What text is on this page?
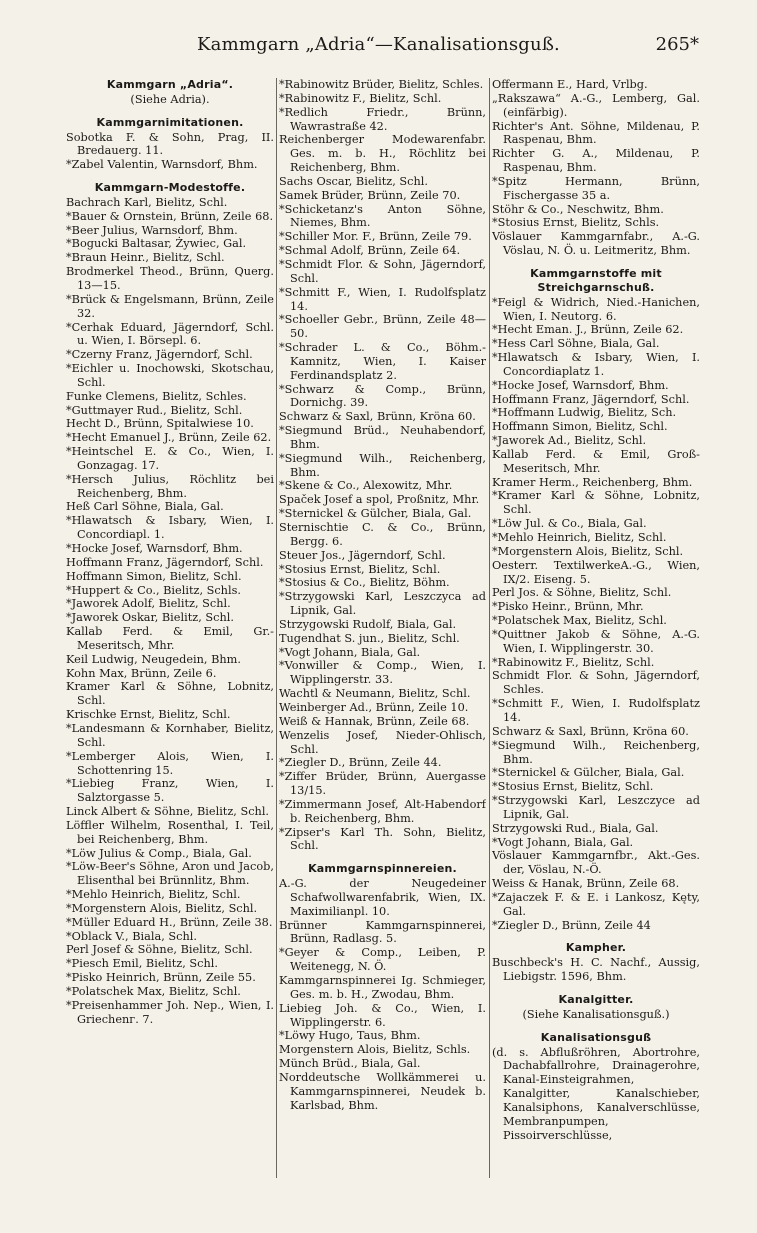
Kammgarn „Adria“—Kanalisationsguß.	265*
Kammgarn „Adria“.
(Siehe Adria).
Kammgarnimitationen.
Sobotka F. & Sohn, Prag, II. Bredauerg. 11.
*Zabel Valentin, Warnsdorf, Bhm.
Kammgarn-Modestoffe.
Bachrach Karl, Bielitz, Schl.
*Bauer & Ornstein, Brünn, Zeile 68.
*Beer Julius, Warnsdorf, Bhm.
*Bogucki Baltasar, Żywiec, Gal.
*Braun Heinr., Bielitz, Schl.
Brodmerkel Theod., Brünn, Querg. 13—15.
*Brück & Engelsmann, Brünn, Zeile 32.
*Cerhak Eduard, Jägerndorf, Schl. u. Wien, I. Börsepl. 6.
*Czerny Franz, Jägerndorf, Schl.
*Eichler u. Inochowski, Skotschau, Schl.
Funke Clemens, Bielitz, Schles.
*Guttmayer Rud., Bielitz, Schl.
Hecht D., Brünn, Spitalwiese 10.
*Hecht Emanuel J., Brünn, Zeile 62.
*Heintschel E. & Co., Wien, I. Gonzagag. 17.
*Hersch Julius, Röchlitz bei Reichenberg, Bhm.
Heß Carl Söhne, Biala, Gal.
*Hlawatsch & Isbary, Wien, I. Concordiapl. 1.
*Hocke Josef, Warnsdorf, Bhm.
Hoffmann Franz, Jägerndorf, Schl.
Hoffmann Simon, Bielitz, Schl.
*Huppert & Co., Bielitz, Schls.
*Jaworek Adolf, Bielitz, Schl.
*Jaworek Oskar, Bielitz, Schl.
Kallab Ferd. & Emil, Gr.-Meseritsch, Mhr.
Keil Ludwig, Neugedein, Bhm.
Kohn Max, Brünn, Zeile 6.
Kramer Karl & Söhne, Lobnitz, Schl.
Krischke Ernst, Bielitz, Schl.
*Landesmann & Kornhaber, Bielitz, Schl.
*Lemberger Alois, Wien, I. Schottenring 15.
*Liebieg Franz, Wien, I. Salztorgasse 5.
Linck Albert & Söhne, Bielitz, Schl.
Löffler Wilhelm, Rosenthal, I. Teil, bei Reichenberg, Bhm.
*Löw Julius & Comp., Biala, Gal.
*Löw-Beer's Söhne, Aron und Jacob, Elisenthal bei Brünnlitz, Bhm.
*Mehlo Heinrich, Bielitz, Schl.
*Morgenstern Alois, Bielitz, Schl.
*Müller Eduard H., Brünn, Zeile 38.
*Oblack V., Biala, Schl.
Perl Josef & Söhne, Bielitz, Schl.
*Piesch Emil, Bielitz, Schl.
*Pisko Heinrich, Brünn, Zeile 55.
*Polatschek Max, Bielitz, Schl.
*Preisenhammer Joh. Nep., Wien, I. Griechenг. 7.
*Rabinowitz Brüder, Bielitz, Schles.
*Rabinowitz F., Bielitz, Schl.
*Redlich Friedr., Brünn, Wawrastraße 42.
Reichenberger Modewarenfabr. Ges. m. b. H., Röchlitz bei Reichenberg, Bhm.
Sachs Oscar, Bielitz, Schl.
Samek Brüder, Brünn, Zeile 70.
*Schicketanz's Anton Söhne, Niemes, Bhm.
*Schiller Mor. F., Brünn, Zeile 79.
*Schmal Adolf, Brünn, Zeile 64.
*Schmidt Flor. & Sohn, Jägerndorf, Schl.
*Schmitt F., Wien, I. Rudolfsplatz 14.
*Schoeller Gebr., Brünn, Zeile 48—50.
*Schrader L. & Co., Böhm.-Kamnitz, Wien, I. Kaiser Ferdinandsplatz 2.
*Schwarz & Comp., Brünn, Dornichg. 39.
Schwarz & Saxl, Brünn, Kröna 60.
*Siegmund Brüd., Neuhabendorf, Bhm.
*Siegmund Wilh., Reichenberg, Bhm.
*Skene & Co., Alexowitz, Mhr.
Spaček Josef a spol, Proßnitz, Mhr.
*Sternickel & Gülcher, Biala, Gal.
Sternischtie C. & Co., Brünn, Bergg. 6.
Steuer Jos., Jägerndorf, Schl.
*Stosius Ernst, Bielitz, Schl.
*Stosius & Co., Bielitz, Böhm.
*Strzygowski Karl, Leszczyca ad Lipnik, Gal.
Strzygowski Rudolf, Biala, Gal.
Tugendhat S. jun., Bielitz, Schl.
*Vogt Johann, Biala, Gal.
*Vonwiller & Comp., Wien, I. Wipplingerstr. 33.
Wachtl & Neumann, Bielitz, Schl.
Weinberger Ad., Brünn, Zeile 10.
Weiß & Hannak, Brünn, Zeile 68.
Wenzelis Josef, Nieder-Ohlisch, Schl.
*Ziegler D., Brünn, Zeile 44.
*Ziffer Brüder, Brünn, Auergasse 13/15.
*Zimmermann Josef, Alt-Habendorf b. Reichenberg, Bhm.
*Zipser's Karl Th. Sohn, Bielitz, Schl.
Kammgarnspinnereien.
A.-G. der Neugedeiner Schafwollwarenfabrik, Wien, IX. Maximilianpl. 10.
Brünner Kammgarnspinnerei, Brünn, Radlasg. 5.
*Geyer & Comp., Leiben, P. Weitenegg, N. Ö.
Kammgarnspinnerei Ig. Schmieger, Ges. m. b. H., Zwodau, Bhm.
Liebieg Joh. & Co., Wien, I. Wipplingerstr. 6.
*Löwy Hugo, Taus, Bhm.
Morgenstern Alois, Bielitz, Schls.
Münch Brüd., Biala, Gal.
Norddeutsche Wollkämmerei u. Kammgarnspinnerei, Neudek b. Karlsbad, Bhm.
Offermann E., Hard, Vrlbg.
„Rakszawa“ A.-G., Lemberg, Gal. (einfärbig).
Richter's Ant. Söhne, Mildenau, P. Raspenau, Bhm.
Richter G. A., Mildenau, P. Raspenau, Bhm.
*Spitz Hermann, Brünn, Fischergasse 35 a.
Stöhr & Co., Neschwitz, Bhm.
*Stosius Ernst, Bielitz, Schls.
Vöslauer Kammgarnfabr., A.-G. Vöslau, N. Ö. u. Leitmeritz, Bhm.
Kammgarnstoffe mit Streichgarnschuß.
*Feigl & Widrich, Nied.-Hanichen, Wien, I. Neutorg. 6.
*Hecht Eman. J., Brünn, Zeile 62.
*Hess Carl Söhne, Biala, Gal.
*Hlawatsch & Isbary, Wien, I. Concordiaplatz 1.
*Hocke Josef, Warnsdorf, Bhm.
Hoffmann Franz, Jägerndorf, Schl.
*Hoffmann Ludwig, Bielitz, Sch.
Hoffmann Simon, Bielitz, Schl.
*Jaworek Ad., Bielitz, Schl.
Kallab Ferd. & Emil, Groß-Meseritsch, Mhr.
Kramer Herm., Reichenberg, Bhm.
*Kramer Karl & Söhne, Lobnitz, Schl.
*Löw Jul. & Co., Biala, Gal.
*Mehlo Heinrich, Bielitz, Schl.
*Morgenstern Alois, Bielitz, Schl.
Oesterr. TextilwerkeA.-G., Wien, IX/2. Eiseng. 5.
Perl Jos. & Söhne, Bielitz, Schl.
*Pisko Heinr., Brünn, Mhr.
*Polatschek Max, Bielitz, Schl.
*Quittner Jakob & Söhne, A.-G. Wien, I. Wipplingerstr. 30.
*Rabinowitz F., Bielitz, Schl.
Schmidt Flor. & Sohn, Jägerndorf, Schles.
*Schmitt F., Wien, I. Rudolfsplatz 14.
Schwarz & Saxl, Brünn, Kröna 60.
*Siegmund Wilh., Reichenberg, Bhm.
*Sternickel & Gülcher, Biala, Gal.
*Stosius Ernst, Bielitz, Schl.
*Strzygowski Karl, Leszczyce ad Lipnik, Gal.
Strzygowski Rud., Biala, Gal.
*Vogt Johann, Biala, Gal.
Vöslauer Kammgarnfbr., Akt.-Ges. der, Vöslau, N.-Ö.
Weiss & Hanak, Brünn, Zeile 68.
*Zajaczek F. & E. i Lankosz, Kęty, Gal.
*Ziegler D., Brünn, Zeile 44
Kampher.
Buschbeck's H. C. Nachf., Aussig, Liebigstr. 1596, Bhm.
Kanalgitter.
(Siehe Kanalisationsguß.)
Kanalisationsguß
(d. s. Abflußröhren, Abortrohre, Dachabfallrohre, Drainagerohre, Kanal-Einsteigrahmen, Kanalgitter, Kanalschieber, Kanalsiphons, Kanalverschlüsse, Membranpumpen, Pissoirverschlüsse,
